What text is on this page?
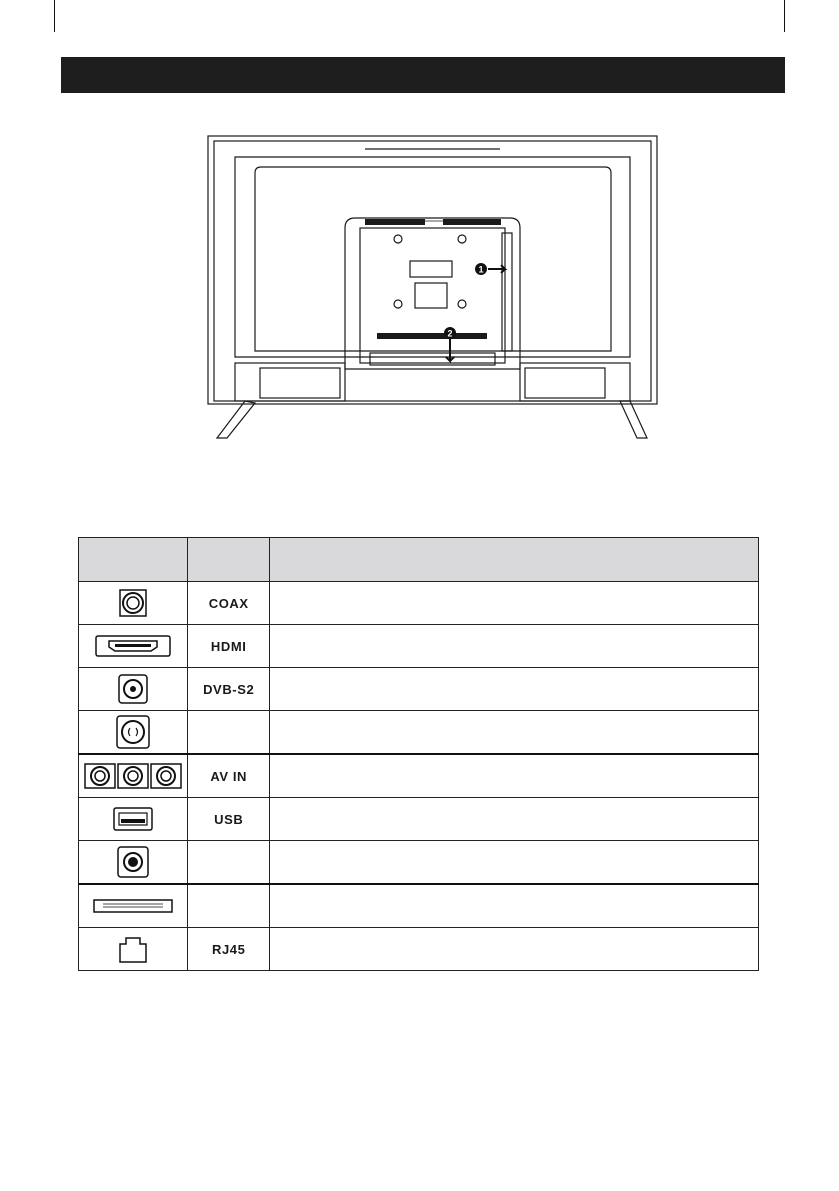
1
2

	COAX	

	HDMI	

	DVB-S2	

	AV IN	

	USB	

	RJ45	
